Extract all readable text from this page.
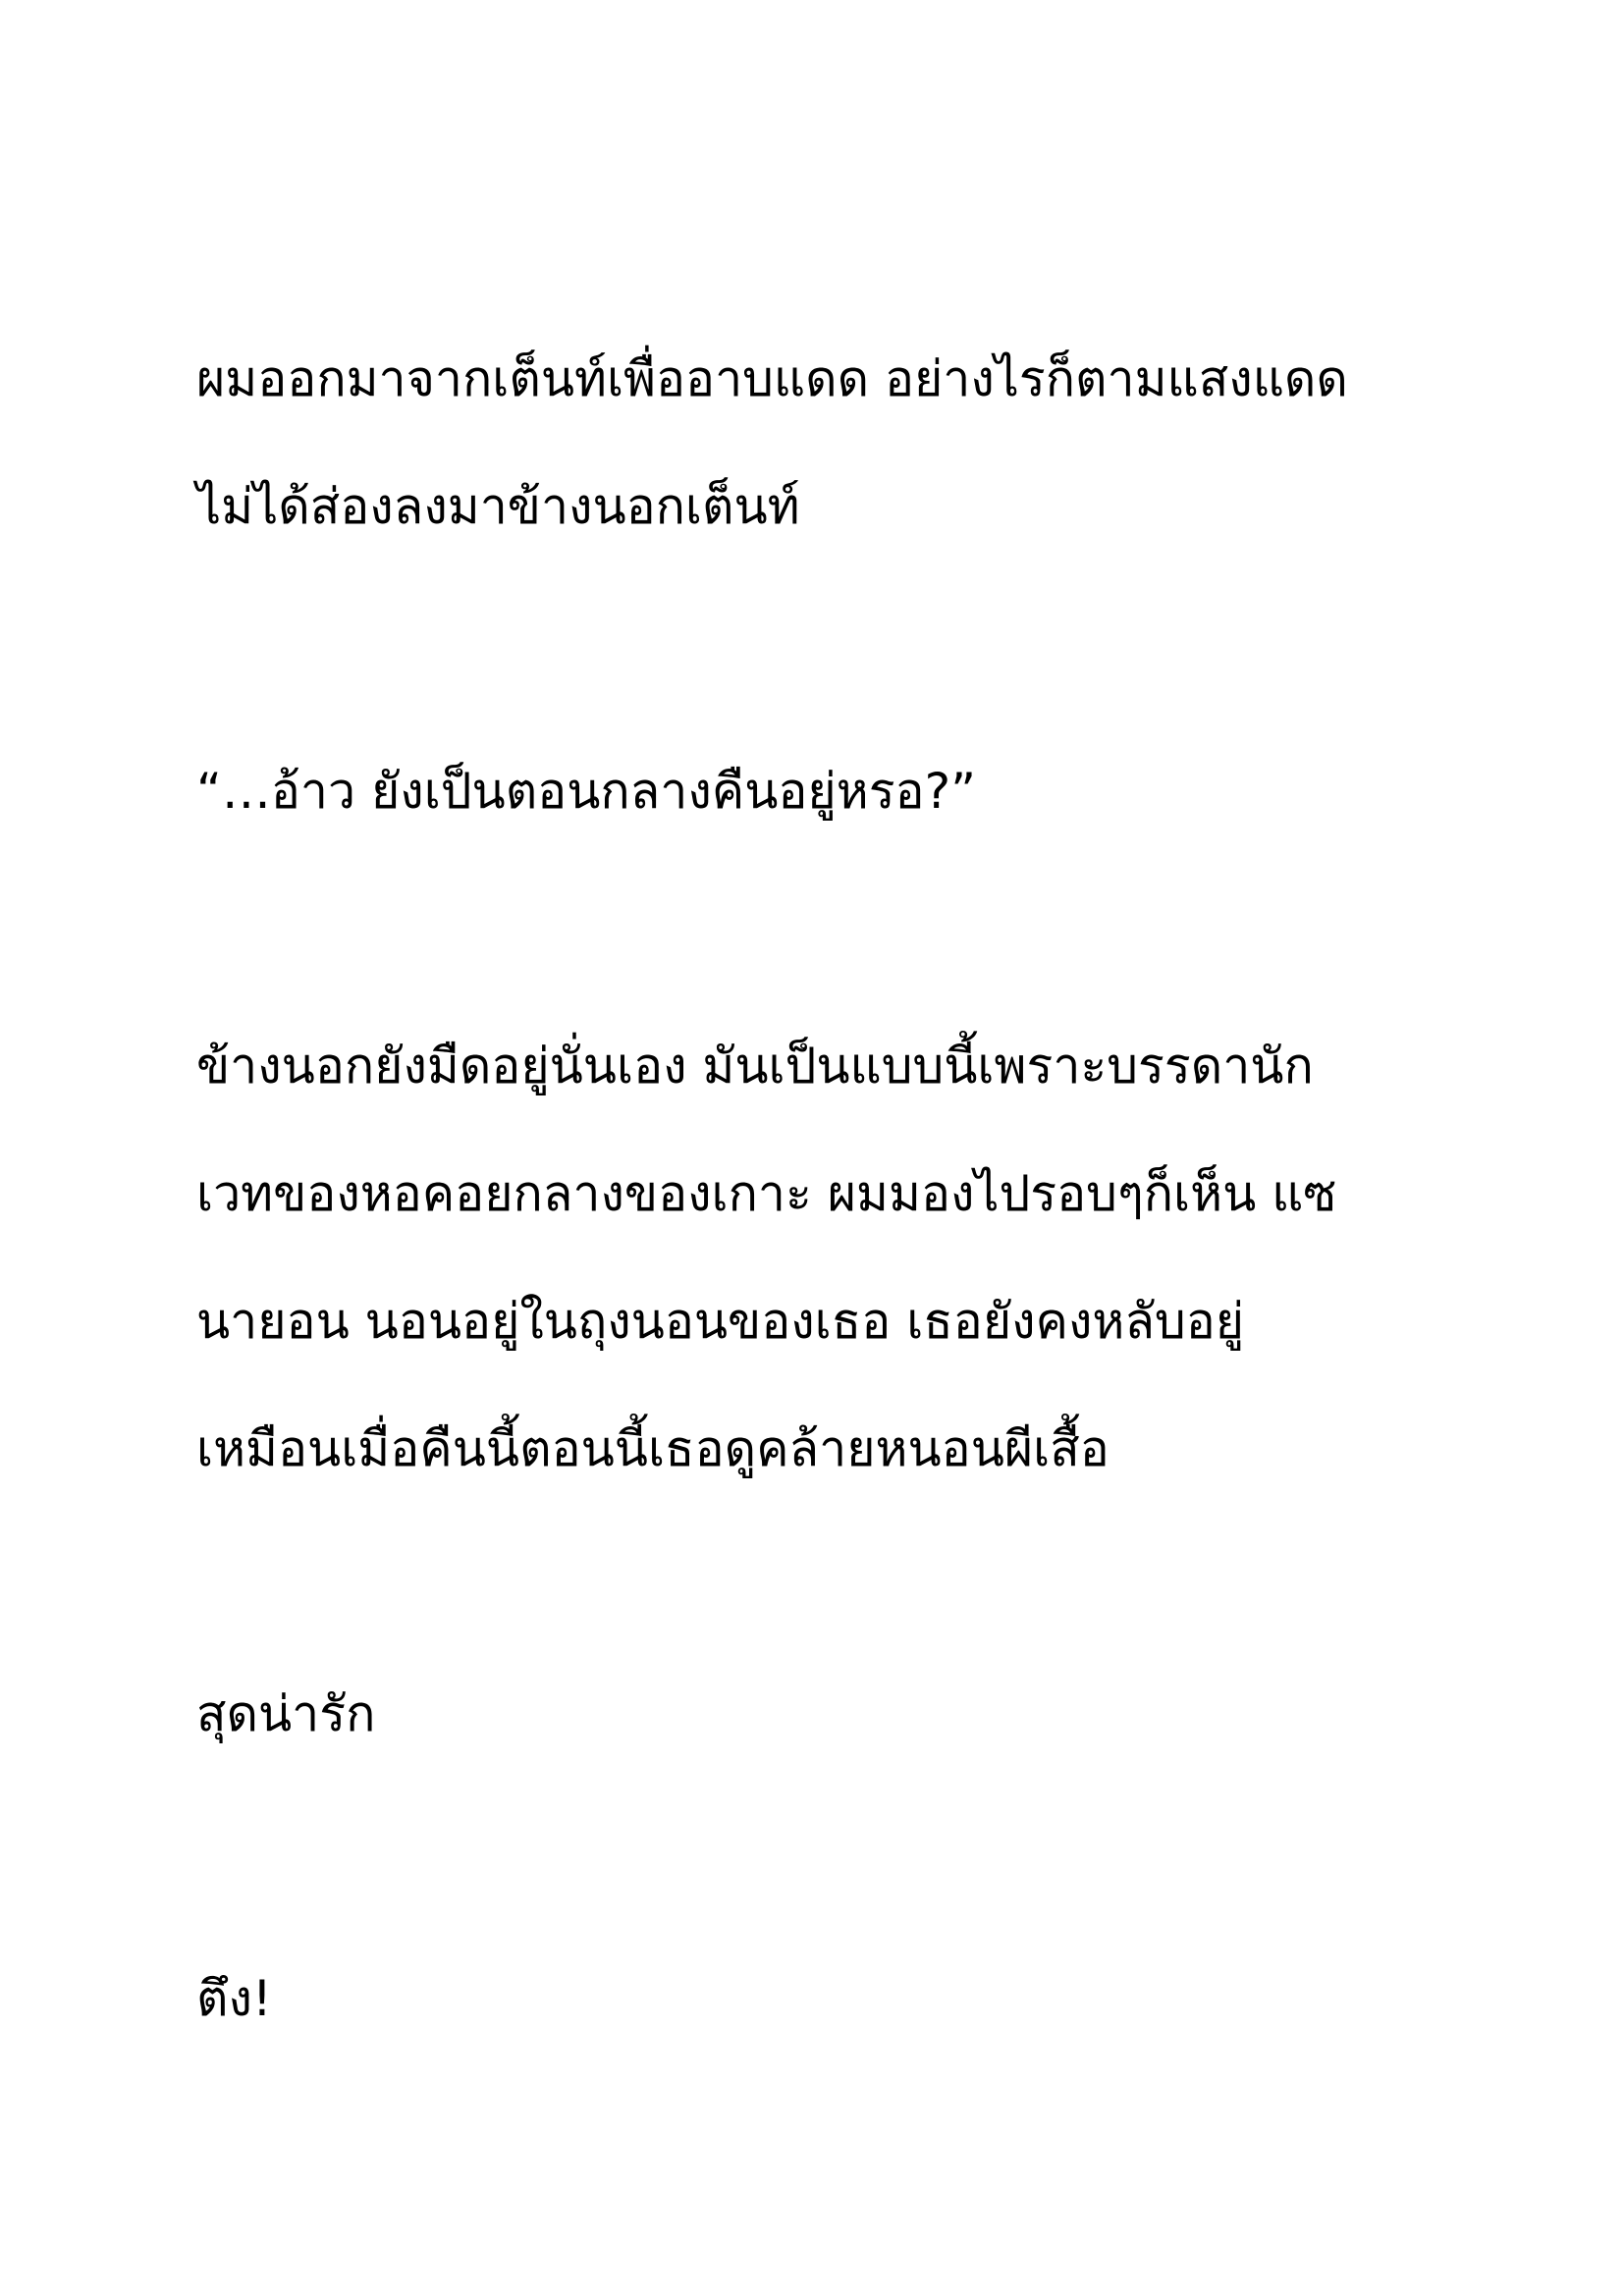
ผมออกมาจากเต็นท์เพื่ออาบแดด อย่างไรก็ตามแสงแดด

ไม่ได้ส่องลงมาข้างนอกเต็นท์

“…อ้าว ยังเป็นตอนกลางคืนอยู่หรอ?”

ข้างนอกยังมืดอยู่นั่นเอง มันเป็นแบบนี้เพราะบรรดานัก

เวทของหอคอยกลางของเกาะ ผมมองไปรอบๆก็เห็น แซ

นายอน นอนอยู่ในถุงนอนของเธอ เธอยังคงหลับอยู่

เหมือนเมื่อคืนนี้ตอนนี้เธอดูคล้ายหนอนผีเสื้อ

สุดน่ารัก

ตึง!
